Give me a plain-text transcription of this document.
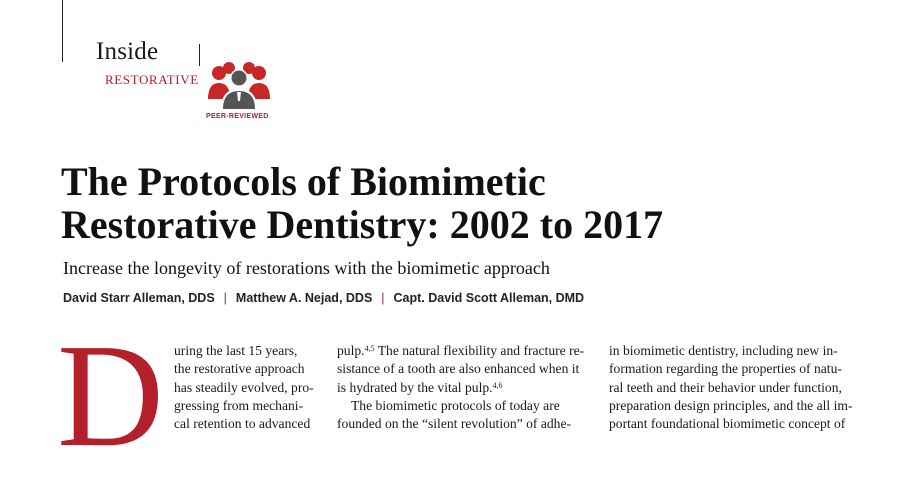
Inside
RESTORATIVE
PEER-REVIEWED
The Protocols of Biomimetic
Restorative Dentistry: 2002 to 2017
Increase the longevity of restorations with the biomimetic approach
David Starr Alleman, DDS | Matthew A. Nejad, DDS | Capt. David Scott Alleman, DMD
D uring the last 15 years,

the restorative approach

has steadily evolved, pro-

gressing from mechani-

cal retention to advanced

pulp.$^{4,5}$ The natural flexibility and fracture re-

sistance of a tooth are also enhanced when it

is hydrated by the vital pulp.$^{4,6}$

The biomimetic protocols of today are

founded on the “silent revolution” of adhe-

in biomimetic dentistry, including new in-

formation regarding the properties of natu-

ral teeth and their behavior under function,

preparation design principles, and the all im-

portant foundational biomimetic concept of
